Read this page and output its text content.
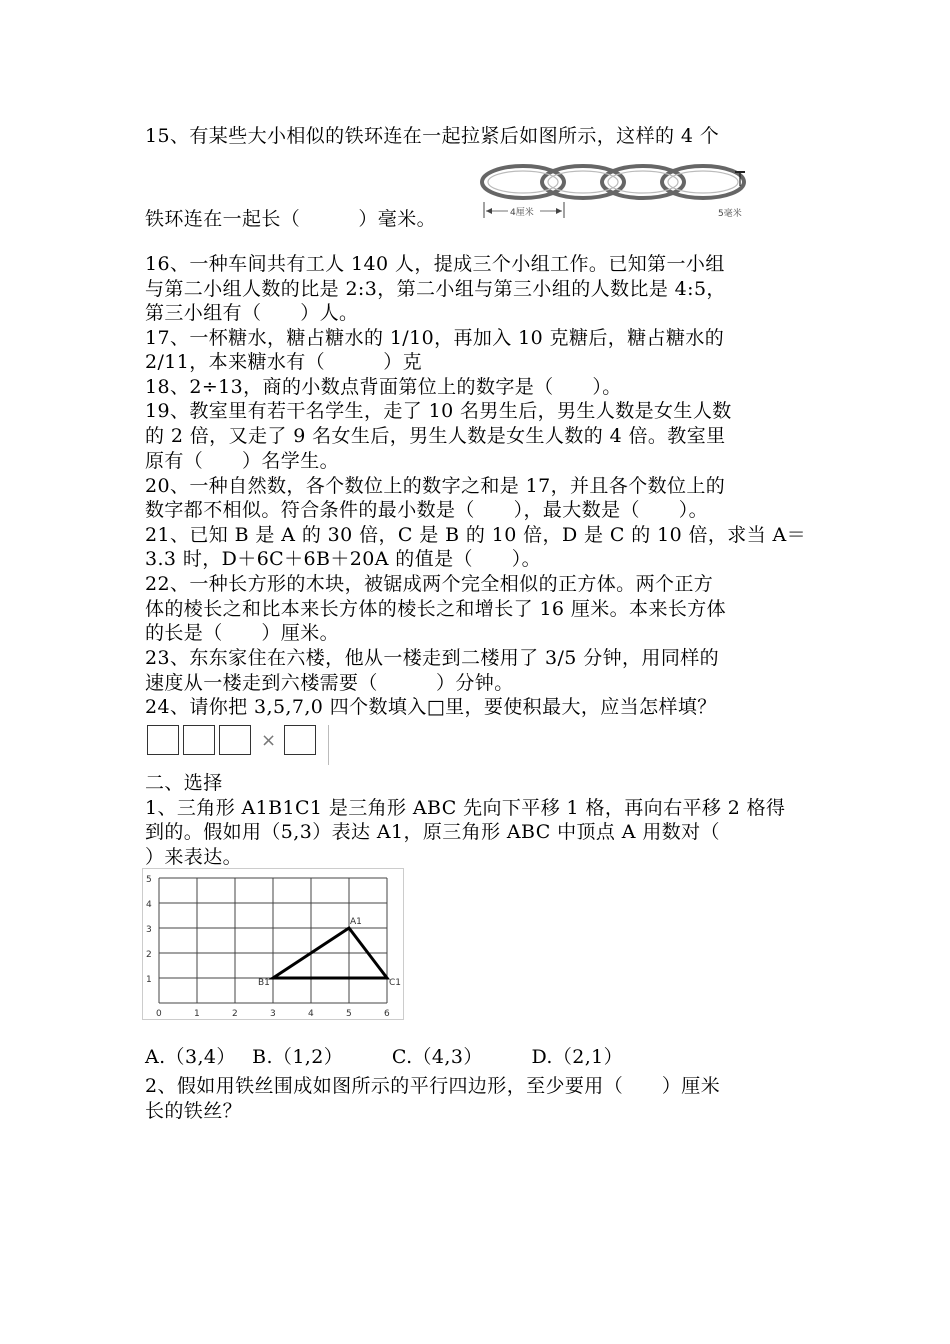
15、有某些大小相似的铁环连在一起拉紧后如图所示，这样的 4 个
4厘米	5毫米
铁环连在一起长（　　　）毫米。
16、一种车间共有工人 140 人，提成三个小组工作。已知第一小组
与第二小组人数的比是 2:3，第二小组与第三小组的人数比是 4:5，
第三小组有（　　）人。
17、一杯糖水，糖占糖水的 1/10，再加入 10 克糖后，糖占糖水的
2/11，本来糖水有（　　　）克
18、2÷13，商的小数点背面第位上的数字是（　　）。
19、教室里有若干名学生，走了 10 名男生后，男生人数是女生人数
的 2 倍，又走了 9 名女生后，男生人数是女生人数的 4 倍。教室里
原有（　　）名学生。
20、一种自然数，各个数位上的数字之和是 17，并且各个数位上的
数字都不相似。符合条件的最小数是（　　），最大数是（　　）。
21、已知 B 是 A 的 30 倍，C 是 B 的 10 倍，D 是 C 的 10 倍，求当 A＝
3.3 时，D＋6C＋6B＋20A 的值是（　　）。
22、一种长方形的木块，被锯成两个完全相似的正方体。两个正方
体的棱长之和比本来长方体的棱长之和增长了 16 厘米。本来长方体
的长是（　　）厘米。
23、东东家住在六楼，他从一楼走到二楼用了 3/5 分钟，用同样的
速度从一楼走到六楼需要（　　　）分钟。
24、请你把 3,5,7,0 四个数填入□里，要使积最大，应当怎样填？
×
二、选择
1、三角形 A1B1C1 是三角形 ABC 先向下平移 1 格，再向右平移 2 格得
到的。假如用（5,3）表达 A1，原三角形 ABC 中顶点 A 用数对（
）来表达。
0	1	2	3	4	5	6
1
2
3
4
5
A1
B1	C1
A.（3,4）　 B.（1,2）　　　C.（4,3）　　　D.（2,1）
2、假如用铁丝围成如图所示的平行四边形，至少要用（　　）厘米
长的铁丝？
